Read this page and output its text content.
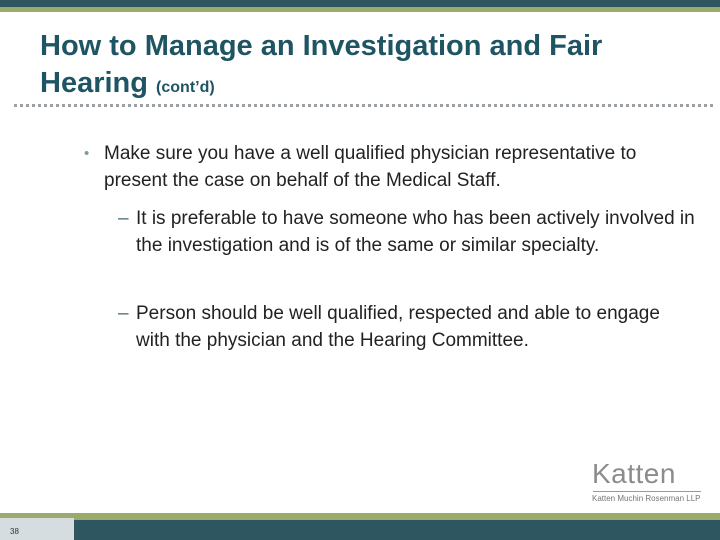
How to Manage an Investigation and Fair Hearing (cont’d)
• Make sure you have a well qualified physician representative to present the case on behalf of the Medical Staff.
– It is preferable to have someone who has been actively involved in the investigation and is of the same or similar specialty.
– Person should be well qualified, respected and able to engage with the physician and the Hearing Committee.
Katten
Katten Muchin Rosenman LLP
38
